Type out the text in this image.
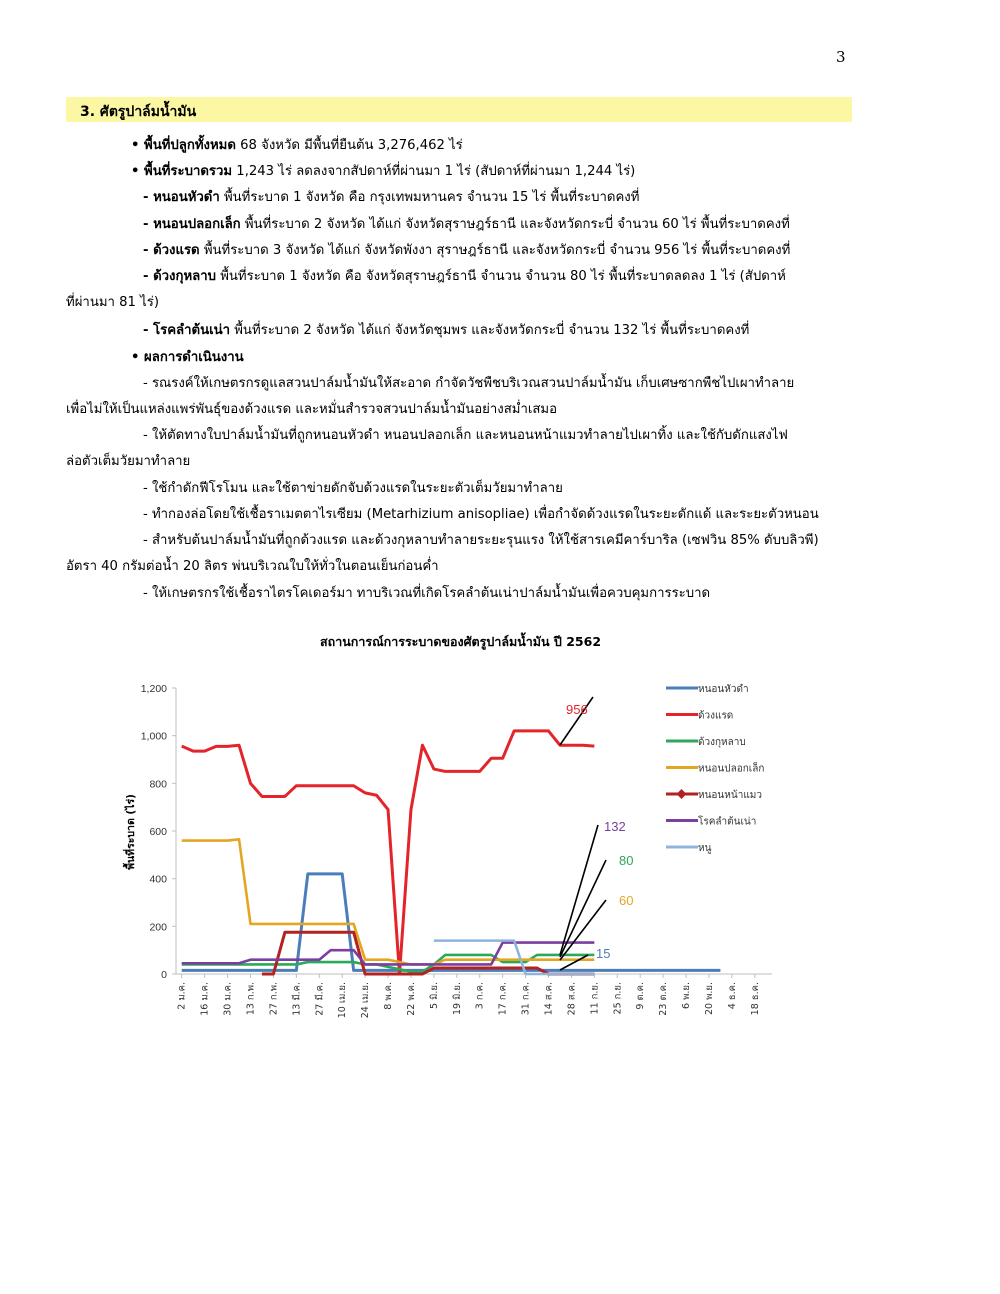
3
3. ศัตรูปาล์มน้ำมัน
• พื้นที่ปลูกทั้งหมด 68 จังหวัด มีพื้นที่ยืนต้น 3,276,462 ไร่
• พื้นที่ระบาดรวม 1,243 ไร่ ลดลงจากสัปดาห์ที่ผ่านมา 1 ไร่ (สัปดาห์ที่ผ่านมา 1,244 ไร่)
- หนอนหัวดำ พื้นที่ระบาด 1 จังหวัด คือ กรุงเทพมหานคร จำนวน 15 ไร่ พื้นที่ระบาดคงที่
- หนอนปลอกเล็ก พื้นที่ระบาด 2 จังหวัด ได้แก่ จังหวัดสุราษฎร์ธานี และจังหวัดกระบี่ จำนวน 60 ไร่ พื้นที่ระบาดคงที่
- ด้วงแรด พื้นที่ระบาด 3 จังหวัด ได้แก่ จังหวัดพังงา สุราษฎร์ธานี และจังหวัดกระบี่ จำนวน 956 ไร่ พื้นที่ระบาดคงที่
- ด้วงกุหลาบ พื้นที่ระบาด 1 จังหวัด คือ จังหวัดสุราษฎร์ธานี จำนวน จำนวน 80 ไร่ พื้นที่ระบาดลดลง 1 ไร่ (สัปดาห์
ที่ผ่านมา 81 ไร่)
- โรคลำต้นเน่า พื้นที่ระบาด 2 จังหวัด ได้แก่ จังหวัดชุมพร และจังหวัดกระบี่ จำนวน 132 ไร่ พื้นที่ระบาดคงที่
• ผลการดำเนินงาน
- รณรงค์ให้เกษตรกรดูแลสวนปาล์มน้ำมันให้สะอาด กำจัดวัชพืชบริเวณสวนปาล์มน้ำมัน เก็บเศษซากพืชไปเผาทำลาย
เพื่อไม่ให้เป็นแหล่งแพร่พันธุ์ของด้วงแรด และหมั่นสำรวจสวนปาล์มน้ำมันอย่างสม่ำเสมอ
- ให้ตัดทางใบปาล์มน้ำมันที่ถูกหนอนหัวดำ หนอนปลอกเล็ก และหนอนหน้าแมวทำลายไปเผาทิ้ง และใช้กับดักแสงไฟ
ล่อตัวเต็มวัยมาทำลาย
- ใช้กำดักฟีโรโมน และใช้ตาข่ายดักจับด้วงแรดในระยะตัวเต็มวัยมาทำลาย
- ทำกองล่อโดยใช้เชื้อราเมตตาไรเซียม (Metarhizium anisopliae) เพื่อกำจัดด้วงแรดในระยะดักแด้ และระยะตัวหนอน
- สำหรับต้นปาล์มน้ำมันที่ถูกด้วงแรด และด้วงกุหลาบทำลายระยะรุนแรง ให้ใช้สารเคมีคาร์บาริล (เซฟวิน 85% ดับบลิวพี)
อัตรา 40 กรัมต่อน้ำ 20 ลิตร พ่นบริเวณใบให้ทั่วในตอนเย็นก่อนค่ำ
- ให้เกษตรกรใช้เชื้อราไตรโคเดอร์มา ทาบริเวณที่เกิดโรคลำต้นเน่าปาล์มน้ำมันเพื่อควบคุมการระบาด
สถานการณ์การระบาดของศัตรูปาล์มน้ำมัน ปี 2562
0
200
400
600
800
1,000
1,200
พื้นที่ระบาด (ไร่)
2 ม.ค. 16 ม.ค. 30 ม.ค. 13 ก.พ. 27 ก.พ. 13 มี.ค. 27 มี.ค. 10 เม.ย. 24 เม.ย. 8 พ.ค. 22 พ.ค. 5 มิ.ย. 19 มิ.ย. 3 ก.ค. 17 ก.ค. 31 ก.ค. 14 ส.ค. 28 ส.ค. 11 ก.ย. 25 ก.ย. 9 ต.ค. 23 ต.ค. 6 พ.ย. 20 พ.ย. 4 ธ.ค. 18 ธ.ค.
956
132
80
60
15
หนอนหัวดำ
ด้วงแรด
ด้วงกุหลาบ
หนอนปลอกเล็ก
หนอนหน้าแมว
โรคลำต้นเน่า
หนู
